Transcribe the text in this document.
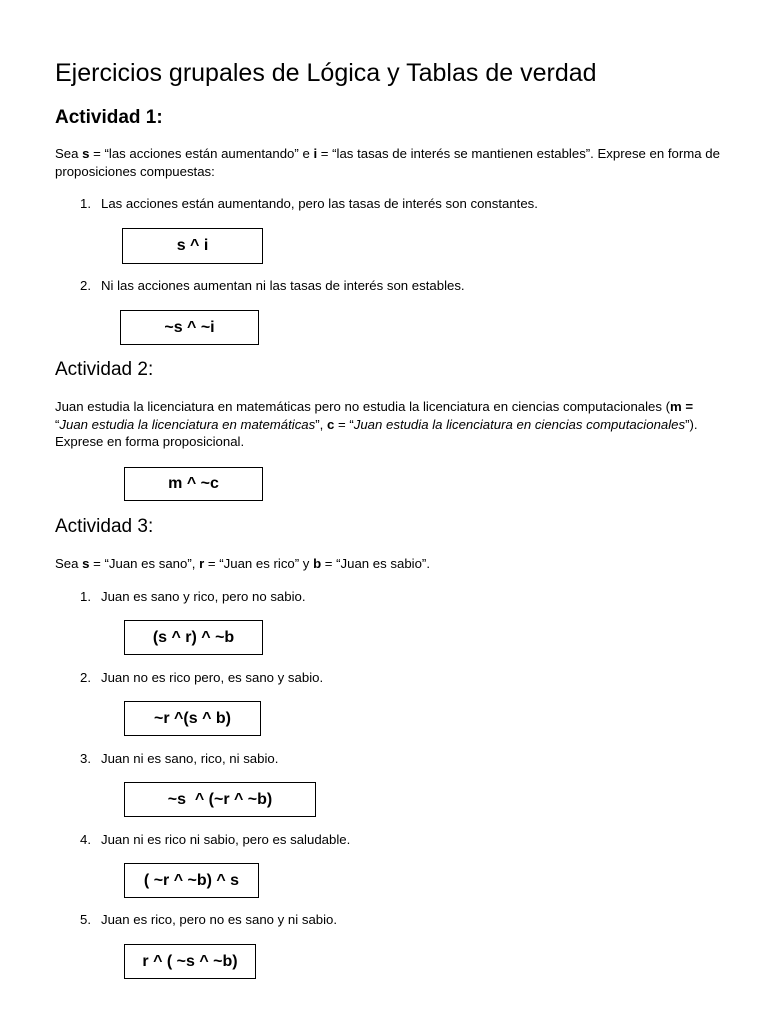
Ejercicios grupales de Lógica y Tablas de verdad
Actividad 1:
Sea s = “las acciones están aumentando” e i = “las tasas de interés se mantienen estables”. Exprese en forma de proposiciones compuestas:
1. Las acciones están aumentando, pero las tasas de interés son constantes.
s ^ i
2. Ni las acciones aumentan ni las tasas de interés son estables.
~s ^ ~i
Actividad 2:
Juan estudia la licenciatura en matemáticas pero no estudia la licenciatura en ciencias computacionales (m = “Juan estudia la licenciatura en matemáticas”, c = “Juan estudia la licenciatura en ciencias computacionales”). Exprese en forma proposicional.
m ^ ~c
Actividad 3:
Sea s = “Juan es sano”, r = “Juan es rico” y b = “Juan es sabio”.
1. Juan es sano y rico, pero no sabio.
(s ^ r) ^ ~b
2. Juan no es rico pero, es sano y sabio.
~r ^(s ^ b)
3. Juan ni es sano, rico, ni sabio.
~s  ^ (~r ^ ~b)
4. Juan ni es rico ni sabio, pero es saludable.
( ~r ^ ~b) ^ s
5. Juan es rico, pero no es sano y ni sabio.
r ^ ( ~s ^ ~b)
